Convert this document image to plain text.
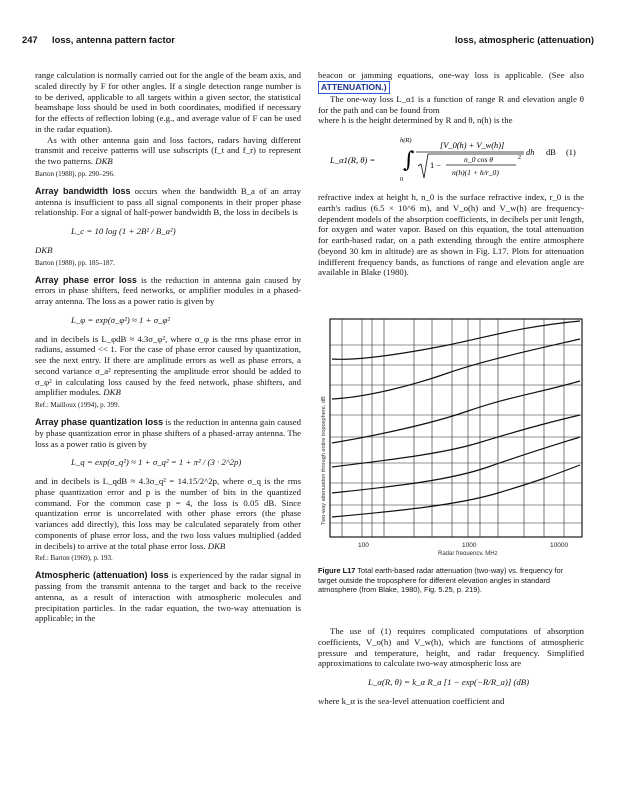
247 loss, antenna pattern factor	loss, atmospheric (attenuation)

range calculation is normally carried out for the angle of the beam axis, and scaled directly by F for other angles. If a single detection range number is to be derived, applicable to all targets within a given sector, the statistical beamshape loss should be used in both coordinates, modified if necessary for the effects of reflection lobing (e.g., and average value of F can be used in the radar equation).

As with other antenna gain and loss factors, radars having different transmit and receive patterns will use subscripts (f_t and f_r) to represent the two patterns. DKB

Barton (1988), pp. 290–296.

Array bandwidth loss occurs when the bandwidth B_a of an array antenna is insufficient to pass all signal components in their proper phase relationship. For a signal of half-power bandwidth B, the loss in decibels is

L_c = 10 log (1 + 2B² / B_a²)

DKB

Barton (1988), pp. 185–187.

Array phase error loss is the reduction in antenna gain caused by errors in phase shifters, feed networks, or amplifier modules in a phased-array antenna. The loss as a power ratio is given by

L_φ = exp(σ_φ²) ≈ 1 + σ_φ²

and in decibels is L_φdB ≈ 4.3σ_φ², where σ_φ is the rms phase error in radians, assumed << 1. For the case of phase error caused by quantization, see the next entry. If there are amplitude errors as well as phase errors, a second variance σ_a² representing the amplitude error should be added to σ_φ² in calculating loss caused by the feed network, phase shifters, and amplifier modules. DKB

Ref.: Mailloux (1994), p. 399.

Array phase quantization loss is the reduction in antenna gain caused by phase quantization error in phase shifters of a phased-array antenna. The loss as a power ratio is given by

L_q = exp(σ_q²) ≈ 1 + σ_q² = 1 + π² / (3 · 2^2p)

and in decibels is L_qdB ≈ 4.3σ_q² = 14.15/2^2p, where σ_q is the rms phase quantization error and p is the number of bits in the quantized command. For the common case p = 4, the loss is 0.05 dB. Since quantization error is uncorrelated with other phase errors (the phase variances add directly), this loss may be calculated separately from other components of phase error loss, and the two loss values multiplied (added in decibels) to arrive at the total phase error loss. DKB

Ref.: Barton (1969), p. 193.

Atmospheric (attenuation) loss is experienced by the radar signal in passing from the transmit antenna to the target and back to the receive antenna, as a result of interaction with atmospheric molecules and precipitation particles. In the radar equation, the two-way attenuation is applicable; in the

beacon or jamming equations, one-way loss is applicable. (See also ATTENUATION.)

The one-way loss L_α1 is a function of range R and elevation angle θ for the path and can be found from

where h is the height determined by R and θ, n(h) is the

L_α1(R, θ) =
h(R)
0
∫
[V_0(h) + V_w(h)]
1 −
n_0 cos θ
n(h)(1 + h/r_0)
2
dh dB (1)

refractive index at height h, n_0 is the surface refractive index, r_0 is the earth's radius (6.5 × 10^6 m), and V_o(h) and V_w(h) are frequency-dependent models of the absorption coefficients, in decibels per unit length, for oxygen and water vapor. Based on this equation, the total attenuation for earth-based radar, on a path extending through the entire atmosphere (beyond 30 km in altitude) are as shown in Fig. L17. Plots for attenuation indifferent frequency bands, as functions of range and elevation angle are available in Blake (1980).

100	1000	10000
Radar frequency, MHz
Two-way attenuation through entire troposphere, dB
Figure L17 Total earth-based radar attenuation (two-way) vs. frequency for target outside the troposphere for different elevation angles in standard atmosphere (from Blake, 1980), Fig. 5.25, p. 219).

The use of (1) requires complicated computations of absorption coefficients, V_o(h) and V_w(h), which are functions of atmospheric pressure and temperature, height, and radar frequency. Simplified approximations to calculate two-way atmospheric loss are

L_α(R, θ) = k_α R_a [1 − exp(−R/R_a)] (dB)

where k_α is the sea-level attenuation coefficient and
